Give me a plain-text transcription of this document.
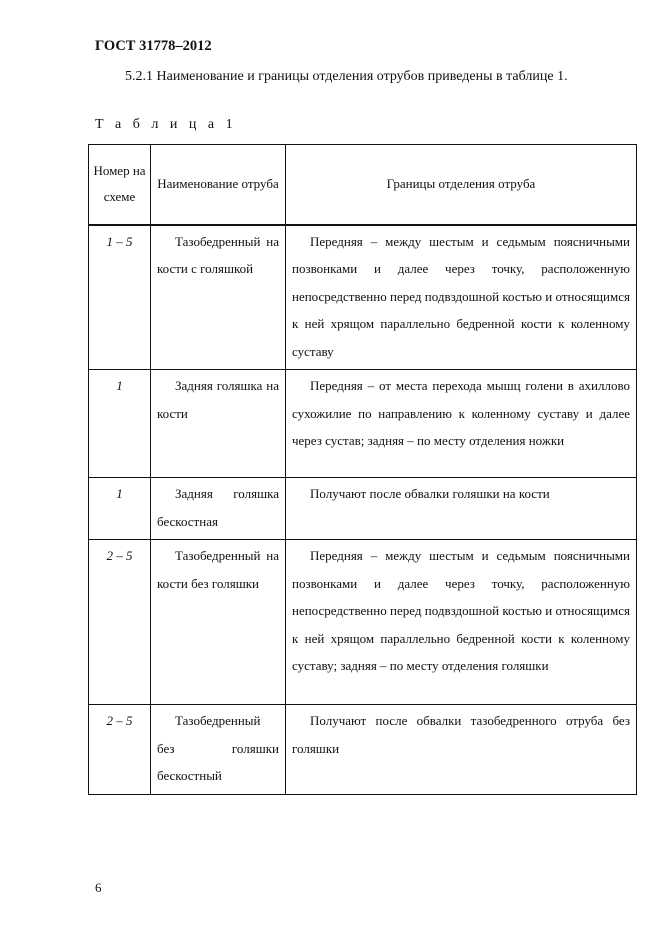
ГОСТ 31778–2012
5.2.1 Наименование и границы отделения отрубов приведены в таблице 1.
Т а б л и ц а 1
Номер на схеме	Наименование отруба	Границы отделения отруба
1 – 5	Тазобедренный на кости с голяшкой	Передняя – между шестым и седьмым поясничными позвонками и далее через точку, расположенную непосредственно перед подвздошной костью и относящимся к ней хрящом параллельно бедренной кости к коленному суставу
1	Задняя голяшка на кости	Передняя – от места перехода мышц голени в ахиллово сухожилие по направлению к коленному суставу и далее через сустав; задняя – по месту отделения ножки
1	Задняя голяшка бескостная	Получают после обвалки голяшки на кости
2 – 5	Тазобедренный на кости без голяшки	Передняя – между шестым и седьмым поясничными позвонками и далее через точку, расположенную непосредственно перед подвздошной костью и относящимся к ней хрящом параллельно бедренной кости к коленному суставу; задняя – по месту отделения голяшки
2 – 5	Тазобедренный без голяшки бескостный	Получают после обвалки тазобедренного отруба без голяшки
6
